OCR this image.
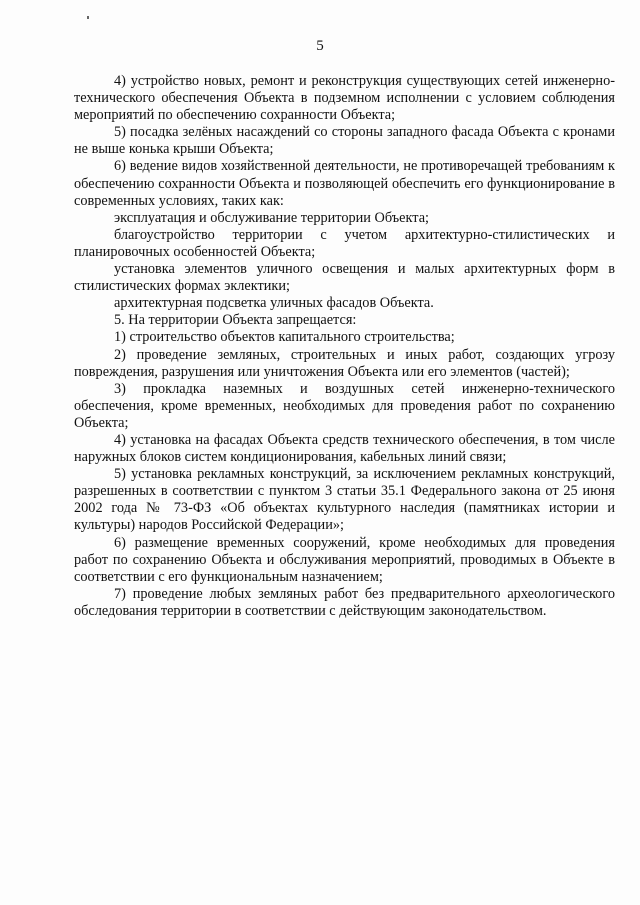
5

4) устройство новых, ремонт и реконструкция существующих сетей инженерно-технического обеспечения Объекта в подземном исполнении с условием соблюдения мероприятий по обеспечению сохранности Объекта;

5) посадка зелёных насаждений со стороны западного фасада Объекта с кронами не выше конька крыши Объекта;

6) ведение видов хозяйственной деятельности, не противоречащей требованиям к обеспечению сохранности Объекта и позволяющей обеспечить его функционирование в современных условиях, таких как:

эксплуатация и обслуживание территории Объекта;

благоустройство территории с учетом архитектурно-стилистических и планировочных особенностей Объекта;

установка элементов уличного освещения и малых архитектурных форм в стилистических формах эклектики;

архитектурная подсветка уличных фасадов Объекта.

5. На территории Объекта запрещается:

1) строительство объектов капитального строительства;

2) проведение земляных, строительных и иных работ, создающих угрозу повреждения, разрушения или уничтожения Объекта или его элементов (частей);

3) прокладка наземных и воздушных сетей инженерно-технического обеспечения, кроме временных, необходимых для проведения работ по сохранению Объекта;

4) установка на фасадах Объекта средств технического обеспечения, в том числе наружных блоков систем кондиционирования, кабельных линий связи;

5) установка рекламных конструкций, за исключением рекламных конструкций, разрешенных в соответствии с пунктом 3 статьи 35.1 Федерального закона от 25 июня 2002 года № 73-ФЗ «Об объектах культурного наследия (памятниках истории и культуры) народов Российской Федерации»;

6) размещение временных сооружений, кроме необходимых для проведения работ по сохранению Объекта и обслуживания мероприятий, проводимых в Объекте в соответствии с его функциональным назначением;

7) проведение любых земляных работ без предварительного археологического обследования территории в соответствии с действующим законодательством.
